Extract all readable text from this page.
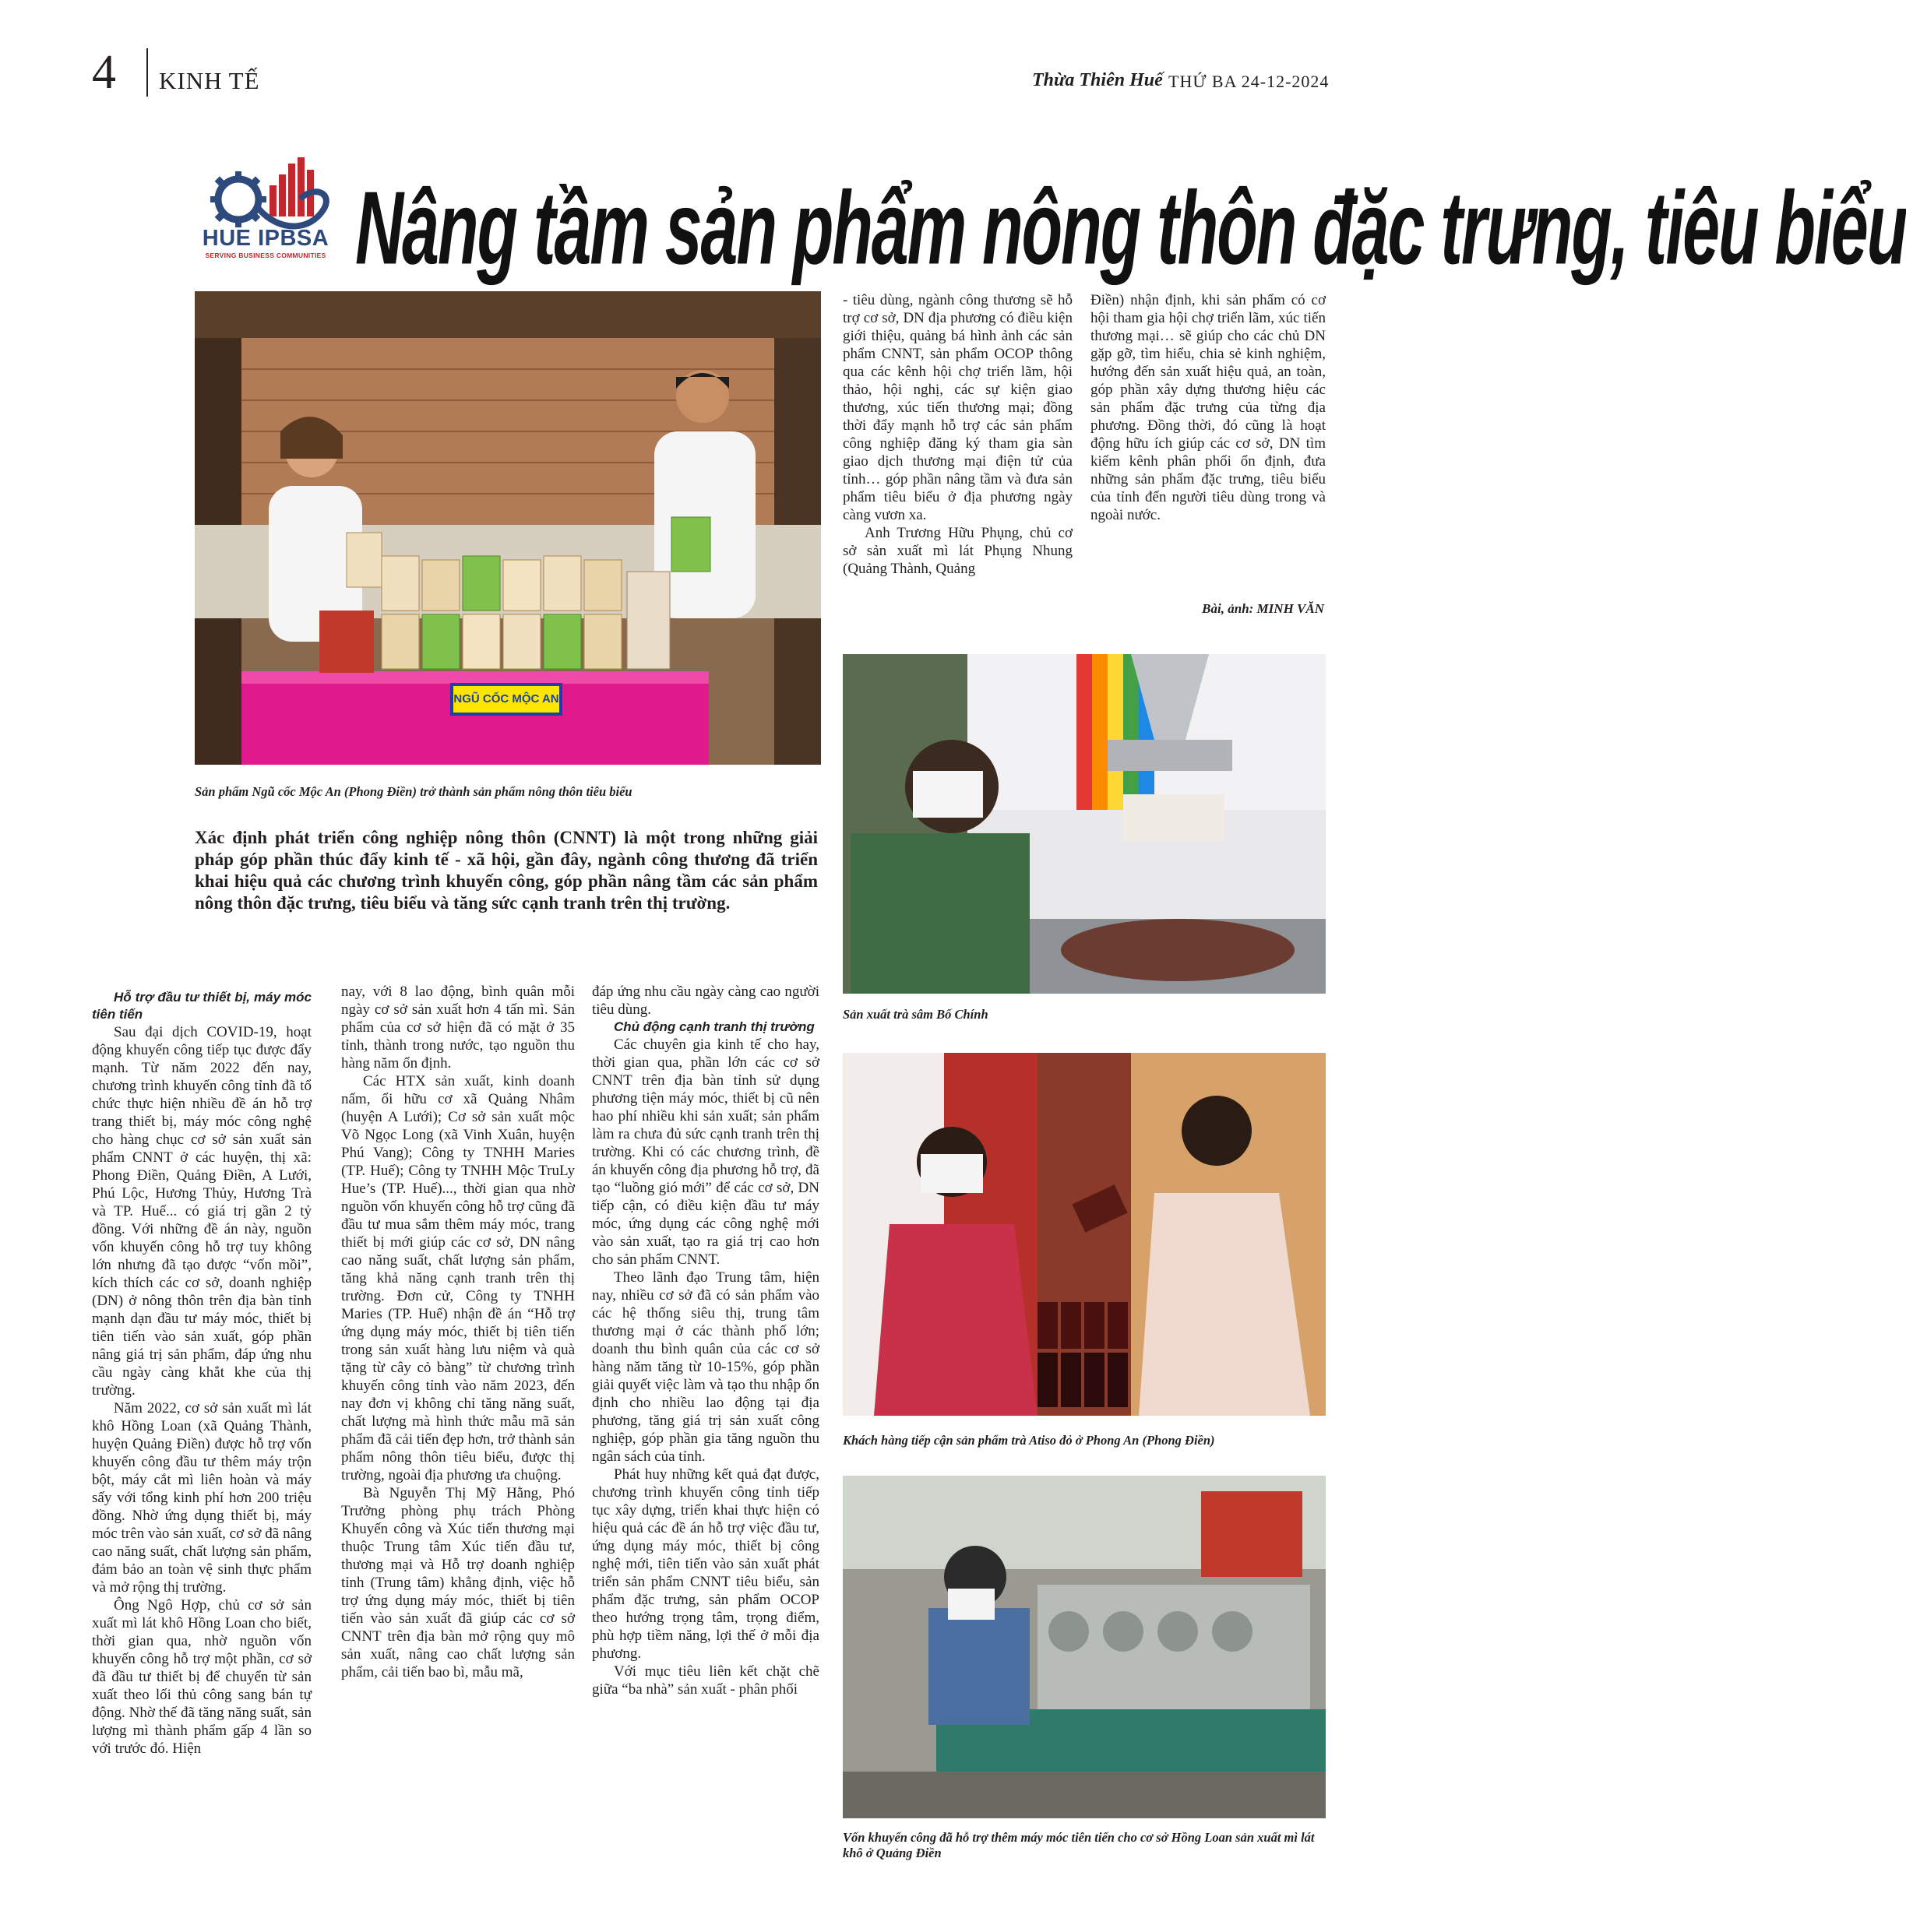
4 KINH TẾ	Thừa Thiên Huế THỨ BA 24-12-2024
HUE IPBSA
SERVING BUSINESS COMMUNITIES Nâng tầm sản phẩm nông thôn đặc trưng, tiêu biểu
NGŨ CỐC MỘC AN
Sản phẩm Ngũ cốc Mộc An (Phong Điền) trở thành sản phẩm nông thôn tiêu biểu
Sản xuất trà sâm Bố Chính
Khách hàng tiếp cận sản phẩm trà Atiso đỏ ở Phong An (Phong Điền)
Vốn khuyến công đã hỗ trợ thêm máy móc tiên tiến cho cơ sở Hồng Loan sản xuất mì lát khô ở Quảng Điền
Xác định phát triển công nghiệp nông thôn (CNNT) là một trong những giải pháp góp phần thúc đẩy kinh tế - xã hội, gần đây, ngành công thương đã triển khai hiệu quả các chương trình khuyến công, góp phần nâng tầm các sản phẩm nông thôn đặc trưng, tiêu biểu và tăng sức cạnh tranh trên thị trường.

Hỗ trợ đầu tư thiết bị, máy móc tiên tiến

Sau đại dịch COVID-19, hoạt động khuyến công tiếp tục được đẩy mạnh. Từ năm 2022 đến nay, chương trình khuyến công tỉnh đã tổ chức thực hiện nhiều đề án hỗ trợ trang thiết bị, máy móc công nghệ cho hàng chục cơ sở sản xuất sản phẩm CNNT ở các huyện, thị xã: Phong Điền, Quảng Điền, A Lưới, Phú Lộc, Hương Thủy, Hương Trà và TP. Huế... có giá trị gần 2 tỷ đồng. Với những đề án này, nguồn vốn khuyến công hỗ trợ tuy không lớn nhưng đã tạo được “vốn mồi”, kích thích các cơ sở, doanh nghiệp (DN) ở nông thôn trên địa bàn tỉnh mạnh dạn đầu tư máy móc, thiết bị tiên tiến vào sản xuất, góp phần nâng giá trị sản phẩm, đáp ứng nhu cầu ngày càng khắt khe của thị trường.

Năm 2022, cơ sở sản xuất mì lát khô Hồng Loan (xã Quảng Thành, huyện Quảng Điền) được hỗ trợ vốn khuyến công đầu tư thêm máy trộn bột, máy cắt mì liên hoàn và máy sấy với tổng kinh phí hơn 200 triệu đồng. Nhờ ứng dụng thiết bị, máy móc trên vào sản xuất, cơ sở đã nâng cao năng suất, chất lượng sản phẩm, đảm bảo an toàn vệ sinh thực phẩm và mở rộng thị trường.

Ông Ngô Hợp, chủ cơ sở sản xuất mì lát khô Hồng Loan cho biết, thời gian qua, nhờ nguồn vốn khuyến công hỗ trợ một phần, cơ sở đã đầu tư thiết bị để chuyển từ sản xuất theo lối thủ công sang bán tự động. Nhờ thế đã tăng năng suất, sản lượng mì thành phẩm gấp 4 lần so với trước đó. Hiện

nay, với 8 lao động, bình quân mỗi ngày cơ sở sản xuất hơn 4 tấn mì. Sản phẩm của cơ sở hiện đã có mặt ở 35 tỉnh, thành trong nước, tạo nguồn thu hàng năm ổn định.

Các HTX sản xuất, kinh doanh nấm, ổi hữu cơ xã Quảng Nhâm (huyện A Lưới); Cơ sở sản xuất mộc Võ Ngọc Long (xã Vinh Xuân, huyện Phú Vang); Công ty TNHH Maries (TP. Huế); Công ty TNHH Mộc TruLy Hue’s (TP. Huế)..., thời gian qua nhờ nguồn vốn khuyến công hỗ trợ cũng đã đầu tư mua sắm thêm máy móc, trang thiết bị mới giúp các cơ sở, DN nâng cao năng suất, chất lượng sản phẩm, tăng khả năng cạnh tranh trên thị trường. Đơn cử, Công ty TNHH Maries (TP. Huế) nhận đề án “Hỗ trợ ứng dụng máy móc, thiết bị tiên tiến trong sản xuất hàng lưu niệm và quà tặng từ cây cỏ bàng” từ chương trình khuyến công tỉnh vào năm 2023, đến nay đơn vị không chỉ tăng năng suất, chất lượng mà hình thức mẫu mã sản phẩm đã cải tiến đẹp hơn, trở thành sản phẩm nông thôn tiêu biểu, được thị trường, ngoài địa phương ưa chuộng.

Bà Nguyễn Thị Mỹ Hằng, Phó Trưởng phòng phụ trách Phòng Khuyến công và Xúc tiến thương mại thuộc Trung tâm Xúc tiến đầu tư, thương mại và Hỗ trợ doanh nghiệp tỉnh (Trung tâm) khẳng định, việc hỗ trợ ứng dụng máy móc, thiết bị tiên tiến vào sản xuất đã giúp các cơ sở CNNT trên địa bàn mở rộng quy mô sản xuất, nâng cao chất lượng sản phẩm, cải tiến bao bì, mẫu mã,

đáp ứng nhu cầu ngày càng cao người tiêu dùng.

Chủ động cạnh tranh thị trường

Các chuyên gia kinh tế cho hay, thời gian qua, phần lớn các cơ sở CNNT trên địa bàn tỉnh sử dụng phương tiện máy móc, thiết bị cũ nên hao phí nhiều khi sản xuất; sản phẩm làm ra chưa đủ sức cạnh tranh trên thị trường. Khi có các chương trình, đề án khuyến công địa phương hỗ trợ, đã tạo “luồng gió mới” để các cơ sở, DN tiếp cận, có điều kiện đầu tư máy móc, ứng dụng các công nghệ mới vào sản xuất, tạo ra giá trị cao hơn cho sản phẩm CNNT.

Theo lãnh đạo Trung tâm, hiện nay, nhiều cơ sở đã có sản phẩm vào các hệ thống siêu thị, trung tâm thương mại ở các thành phố lớn; doanh thu bình quân của các cơ sở hàng năm tăng từ 10-15%, góp phần giải quyết việc làm và tạo thu nhập ổn định cho nhiều lao động tại địa phương, tăng giá trị sản xuất công nghiệp, góp phần gia tăng nguồn thu ngân sách của tỉnh.

Phát huy những kết quả đạt được, chương trình khuyến công tỉnh tiếp tục xây dựng, triển khai thực hiện có hiệu quả các đề án hỗ trợ việc đầu tư, ứng dụng máy móc, thiết bị công nghệ mới, tiên tiến vào sản xuất phát triển sản phẩm CNNT tiêu biểu, sản phẩm đặc trưng, sản phẩm OCOP theo hướng trọng tâm, trọng điểm, phù hợp tiềm năng, lợi thế ở mỗi địa phương.

Với mục tiêu liên kết chặt chẽ giữa “ba nhà” sản xuất - phân phối

- tiêu dùng, ngành công thương sẽ hỗ trợ cơ sở, DN địa phương có điều kiện giới thiệu, quảng bá hình ảnh các sản phẩm CNNT, sản phẩm OCOP thông qua các kênh hội chợ triển lãm, hội thảo, hội nghị, các sự kiện giao thương, xúc tiến thương mại; đồng thời đẩy mạnh hỗ trợ các sản phẩm công nghiệp đăng ký tham gia sàn giao dịch thương mại điện tử của tỉnh… góp phần nâng tầm và đưa sản phẩm tiêu biểu ở địa phương ngày càng vươn xa.

Anh Trương Hữu Phụng, chủ cơ sở sản xuất mì lát Phụng Nhung (Quảng Thành, Quảng

Điền) nhận định, khi sản phẩm có cơ hội tham gia hội chợ triển lãm, xúc tiến thương mại… sẽ giúp cho các chủ DN gặp gỡ, tìm hiểu, chia sẻ kinh nghiệm, hướng đến sản xuất hiệu quả, an toàn, góp phần xây dựng thương hiệu các sản phẩm đặc trưng của từng địa phương. Đồng thời, đó cũng là hoạt động hữu ích giúp các cơ sở, DN tìm kiếm kênh phân phối ổn định, đưa những sản phẩm đặc trưng, tiêu biểu của tỉnh đến người tiêu dùng trong và ngoài nước.

Bài, ảnh: MINH VĂN
